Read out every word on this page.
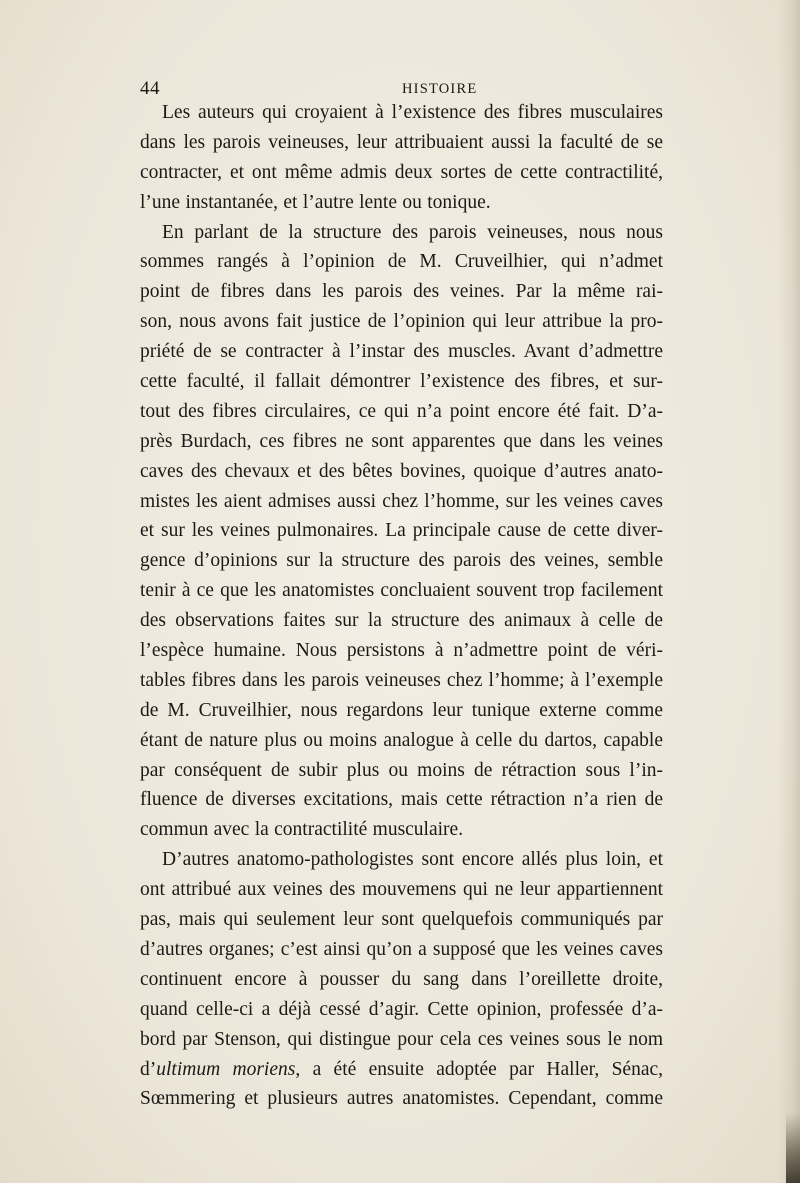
44	HISTOIRE
Les auteurs qui croyaient à l’existence des fibres musculaires
dans les parois veineuses, leur attribuaient aussi la faculté de se
contracter, et ont même admis deux sortes de cette contractilité,
l’une instantanée, et l’autre lente ou tonique.
En parlant de la structure des parois veineuses, nous nous
sommes rangés à l’opinion de M. Cruveilhier, qui n’admet
point de fibres dans les parois des veines. Par la même rai-
son, nous avons fait justice de l’opinion qui leur attribue la pro-
priété de se contracter à l’instar des muscles. Avant d’admettre
cette faculté, il fallait démontrer l’existence des fibres, et sur-
tout des fibres circulaires, ce qui n’a point encore été fait. D’a-
près Burdach, ces fibres ne sont apparentes que dans les veines
caves des chevaux et des bêtes bovines, quoique d’autres anato-
mistes les aient admises aussi chez l’homme, sur les veines caves
et sur les veines pulmonaires. La principale cause de cette diver-
gence d’opinions sur la structure des parois des veines, semble
tenir à ce que les anatomistes concluaient souvent trop facilement
des observations faites sur la structure des animaux à celle de
l’espèce humaine. Nous persistons à n’admettre point de véri-
tables fibres dans les parois veineuses chez l’homme; à l’exemple
de M. Cruveilhier, nous regardons leur tunique externe comme
étant de nature plus ou moins analogue à celle du dartos, capable
par conséquent de subir plus ou moins de rétraction sous l’in-
fluence de diverses excitations, mais cette rétraction n’a rien de
commun avec la contractilité musculaire.
D’autres anatomo-pathologistes sont encore allés plus loin, et
ont attribué aux veines des mouvemens qui ne leur appartiennent
pas, mais qui seulement leur sont quelquefois communiqués par
d’autres organes; c’est ainsi qu’on a supposé que les veines caves
continuent encore à pousser du sang dans l’oreillette droite,
quand celle-ci a déjà cessé d’agir. Cette opinion, professée d’a-
bord par Stenson, qui distingue pour cela ces veines sous le nom
d’ultimum moriens, a été ensuite adoptée par Haller, Sénac,
Sœmmering et plusieurs autres anatomistes. Cependant, comme
